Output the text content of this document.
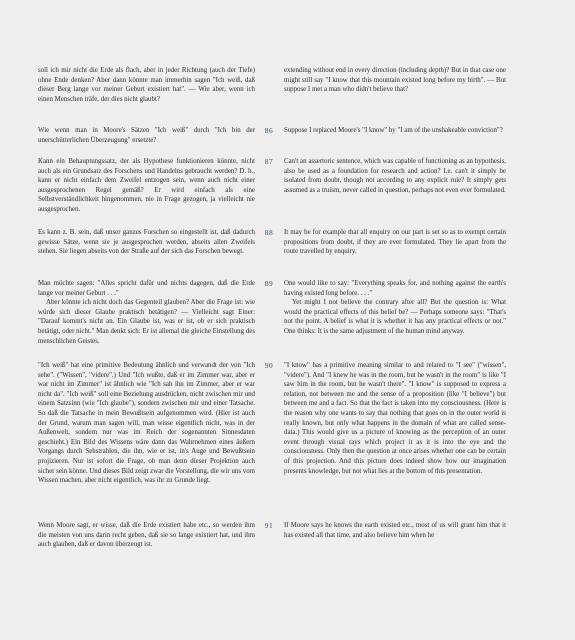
soll ich mir nicht die Erde als flach, aber in jeder Richtung (auch der Tiefe) ohne Ende denken? Aber dann könnte man immerhin sagen "Ich weiß, daß dieser Berg lange vor meiner Geburt existiert hat". — Wie aber, wenn ich einen Menschen träfe, der dies nicht glaubt?

extending without end in every direction (including depth)? But in that case one might still say "I know that this mountain existed long before my birth". — But suppose I met a man who didn't believe that?

Wie wenn man in Moore's Sätzen "Ich weiß" durch "Ich bin der unerschütterlichen Überzeugung" ersetzte?

86	Suppose I replaced Moore's "I know" by "I am of the unshakeable conviction"?

Kann ein Behauptungssatz, der als Hypothese funktionieren könnte, nicht auch als ein Grundsatz des Forschens und Handelns gebraucht werden? D. h., kann er nicht einfach dem Zweifel entzogen sein, wenn auch nicht einer ausgesprochenen Regel gemäß? Er wird einfach als eine Selbstverständlichkeit hingenommen, nie in Frage gezogen, ja vielleicht nie ausgesprochen.

87	Can't an assertoric sentence, which was capable of functioning as an hypothesis, also be used as a foundation for research and action? I.e. can't it simply be isolated from doubt, though not according to any explicit rule? It simply gets assumed as a truism, never called in question, perhaps not even ever formulated.

Es kann z. B. sein, daß unser ganzes Forschen so eingestellt ist, daß dadurch gewisse Sätze, wenn sie je ausgesprochen werden, abseits allen Zweifels stehen. Sie liegen abseits von der Straße auf der sich das Forschen bewegt.

88	It may be for example that all enquiry on our part is set so as to exempt certain propositions from doubt, if they are ever formulated. They lie apart from the route travelled by enquiry.

Man möchte sagen: "Alles spricht dafür und nichts dagegen, daß die Erde lange vor meiner Geburt . . ."
Aber könnte ich nicht doch das Gegenteil glauben? Aber die Frage ist: wie würde sich dieser Glaube praktisch betätigen? — Vielleicht sagt Einer: "Darauf kommt's nicht an. Ein Glaube ist, was er ist, ob er sich praktisch betätigt, oder nicht." Man denkt sich: Er ist allemal die gleiche Einstellung des menschlichen Geistes.

89	One would like to say: "Everything speaks for, and nothing against the earth's having existed long before. . . ."
Yet might I not believe the contrary after all? But the question is: What would the practical effects of this belief be? — Perhaps someone says: "That's not the point. A belief is what it is whether it has any practical effects or not." One thinks: It is the same adjustment of the human mind anyway.

"Ich weiß" hat eine primitive Bedeutung ähnlich und verwandt der von "Ich sehe". ("Wissen", "videre".) Und "Ich wußte, daß er im Zimmer war, aber er war nicht im Zimmer" ist ähnlich wie "Ich sah ihn im Zimmer, aber er war nicht da". "Ich weiß" soll eine Beziehung ausdrücken, nicht zwischen mir und einem Satzsinn (wie "Ich glaube"), sondern zwischen mir und einer Tatsache. So daß die Tatsache in mein Bewußtsein aufgenommen wird. (Hier ist auch der Grund, warum man sagen will, man wisse eigentlich nicht, was in der Außenwelt, sondern nur was im Reich der sogenannten Sinnesdaten geschieht.) Ein Bild des Wissens wäre dann das Wahrnehmen eines äußern Vorgangs durch Sehstrahlen, die ihn, wie er ist, in's Auge und Bewußtsein projizieren. Nur ist sofort die Frage, ob man denn dieser Projektion auch sicher sein könne. Und dieses Bild zeigt zwar die Vorstellung, die wir uns vom Wissen machen, aber nicht eigentlich, was ihr zu Grunde liegt.

90	"I know" has a primitive meaning similar to and related to "I see" ("wissen", "videre"). And "I knew he was in the room, but he wasn't in the room" is like "I saw him in the room, but he wasn't there". "I know" is supposed to express a relation, not between me and the sense of a proposition (like "I believe") but between me and a fact. So that the fact is taken into my consciousness. (Here is the reason why one wants to say that nothing that goes on in the outer world is really known, but only what happens in the domain of what are called sense-data.) This would give us a picture of knowing as the perception of an outer event through visual rays which project it as it is into the eye and the consciousness. Only then the question at once arises whether one can be certain of this projection. And this picture does indeed show how our imagination presents knowledge, but not what lies at the bottom of this presentation.

Wenn Moore sagt, er wisse, daß die Erde existiert habe etc., so werden ihm die meisten von uns darin recht geben, daß sie so lange existiert hat, und ihm auch glauben, daß er davon überzeugt ist.

91	If Moore says he knows the earth existed etc., most of us will grant him that it has existed all that time, and also believe him when he
